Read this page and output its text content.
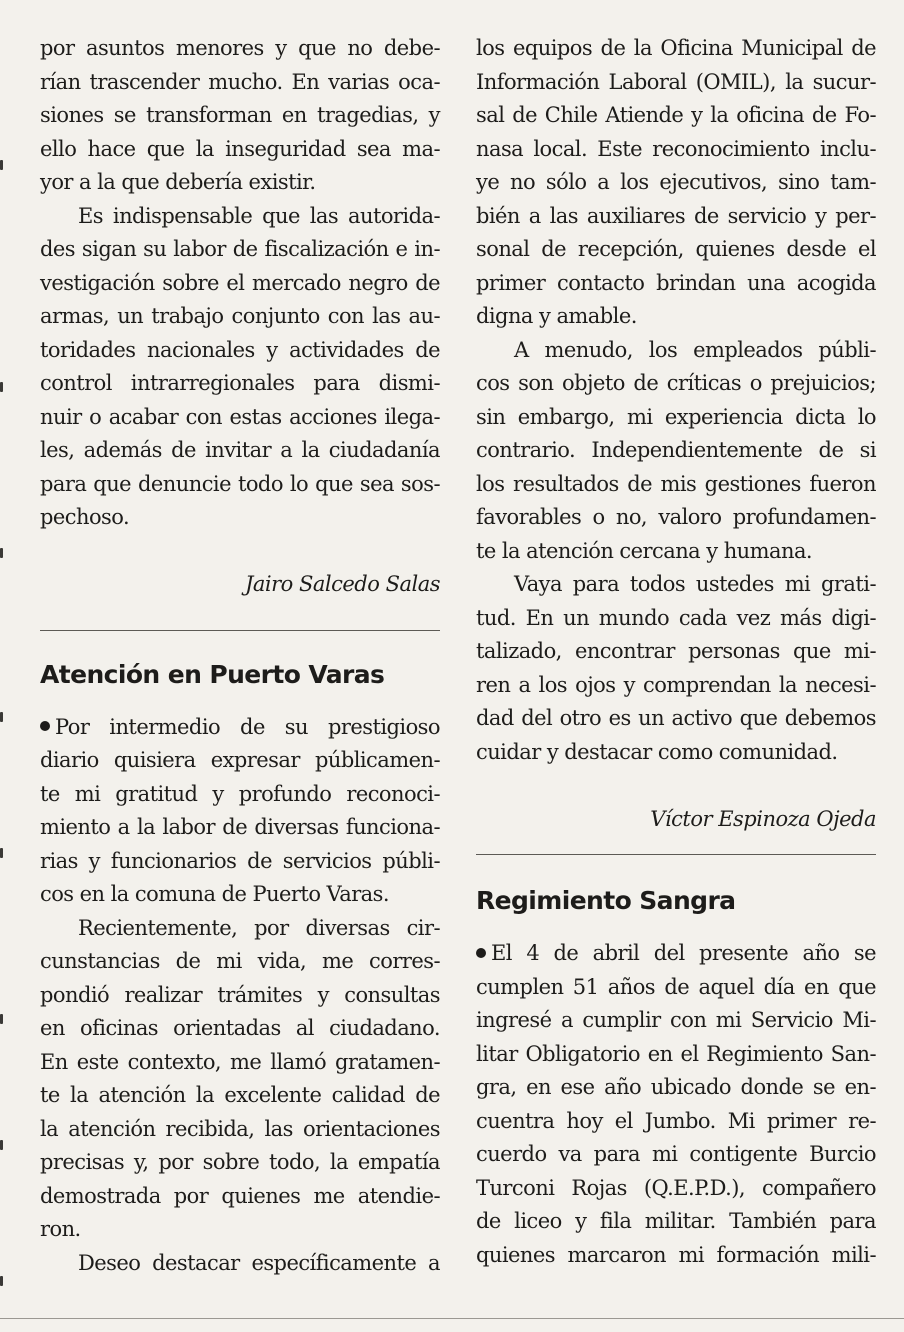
por asuntos menores y que no debe-
rían trascender mucho. En varias oca-
siones se transforman en tragedias, y
ello hace que la inseguridad sea ma-
yor a la que debería existir.
Es indispensable que las autorida-
des sigan su labor de fiscalización e in-
vestigación sobre el mercado negro de
armas, un trabajo conjunto con las au-
toridades nacionales y actividades de
control intrarregionales para dismi-
nuir o acabar con estas acciones ilega-
les, además de invitar a la ciudadanía
para que denuncie todo lo que sea sos-
pechoso.
Jairo Salcedo Salas
Atención en Puerto Varas
Por intermedio de su prestigioso
diario quisiera expresar públicamen-
te mi gratitud y profundo reconoci-
miento a la labor de diversas funciona-
rias y funcionarios de servicios públi-
cos en la comuna de Puerto Varas.
Recientemente, por diversas cir-
cunstancias de mi vida, me corres-
pondió realizar trámites y consultas
en oficinas orientadas al ciudadano.
En este contexto, me llamó gratamen-
te la atención la excelente calidad de
la atención recibida, las orientaciones
precisas y, por sobre todo, la empatía
demostrada por quienes me atendie-
ron.
Deseo destacar específicamente a
los equipos de la Oficina Municipal de
Información Laboral (OMIL), la sucur-
sal de Chile Atiende y la oficina de Fo-
nasa local. Este reconocimiento inclu-
ye no sólo a los ejecutivos, sino tam-
bién a las auxiliares de servicio y per-
sonal de recepción, quienes desde el
primer contacto brindan una acogida
digna y amable.
A menudo, los empleados públi-
cos son objeto de críticas o prejuicios;
sin embargo, mi experiencia dicta lo
contrario. Independientemente de si
los resultados de mis gestiones fueron
favorables o no, valoro profundamen-
te la atención cercana y humana.
Vaya para todos ustedes mi grati-
tud. En un mundo cada vez más digi-
talizado, encontrar personas que mi-
ren a los ojos y comprendan la necesi-
dad del otro es un activo que debemos
cuidar y destacar como comunidad.
Víctor Espinoza Ojeda
Regimiento Sangra
El 4 de abril del presente año se
cumplen 51 años de aquel día en que
ingresé a cumplir con mi Servicio Mi-
litar Obligatorio en el Regimiento San-
gra, en ese año ubicado donde se en-
cuentra hoy el Jumbo. Mi primer re-
cuerdo va para mi contigente Burcio
Turconi Rojas (Q.E.P.D.), compañero
de liceo y fila militar. También para
quienes marcaron mi formación mili-
